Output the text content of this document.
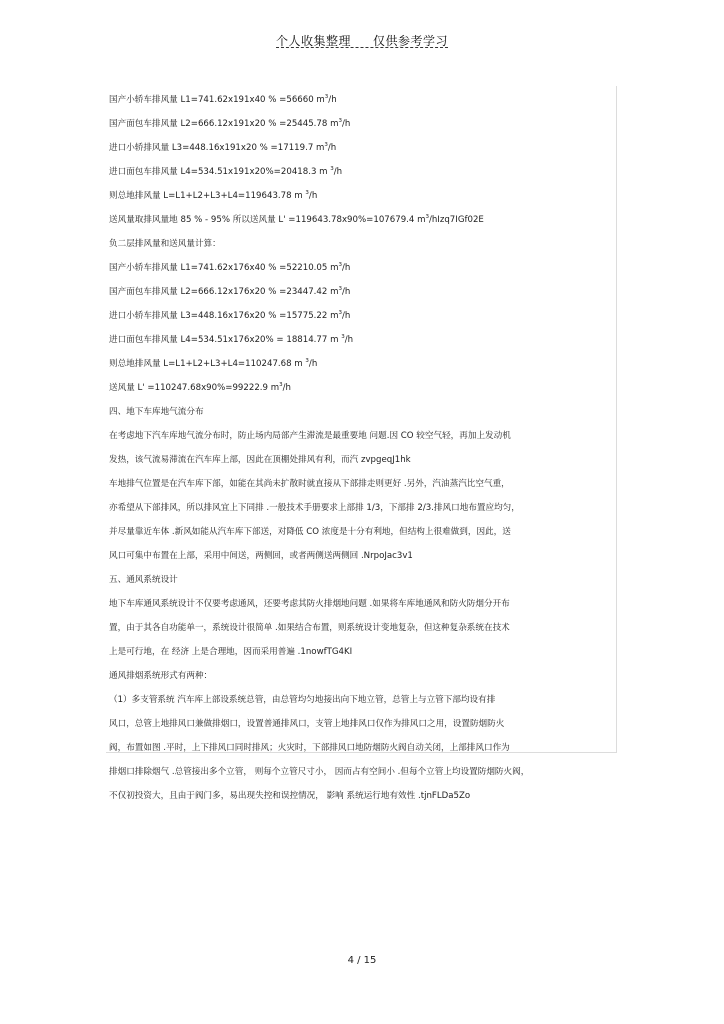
个人收集整理 仅供参考学习
国产小轿车排风量 L1=741.62x191x40 % =56660 $m^3/h$
国产面包车排风量 L2=666.12x191x20 % =25445.78 $m^3/h$
进口小轿排风量 L3=448.16x191x20 % =17119.7 $m^3/h$
进口面包车排风量 L4=534.51x191x20%=20418.3 m $^3$/h
则总地排风量 L=L1+L2+L3+L4=119643.78 m $^3$/h
送风量取排风量地 85 % - 95% 所以送风量 L' =119643.78x90%=107679.4 $m^3/hIzq7IGf02E$
负二层排风量和送风量计算：
国产小轿车排风量 L1=741.62x176x40 % =52210.05 $m^3/h$
国产面包车排风量 L2=666.12x176x20 % =23447.42 $m^3/h$
进口小轿车排风量 L3=448.16x176x20 % =15775.22 $m^3/h$
进口面包车排风量 L4=534.51x176x20% = 18814.77 m $^3$/h
则总地排风量 L=L1+L2+L3+L4=110247.68 m $^3$/h
送风量 L' =110247.68x90%=99222.9 $m^3/h$
四、地下车库地气流分布
在考虑地下汽车库地气流分布时，防止场内局部产生滞流是最重要地 问题.因 CO 较空气轻，再加上发动机
发热，该气流易滞流在汽车库上部，因此在顶棚处排风有利，而汽 zvpgeqJ1hk
车地排气位置是在汽车库下部，如能在其尚未扩散时就直接从下部排走则更好 .另外，汽油蒸汽比空气重，
亦希望从下部排风，所以排风宜上下同排 .一般技术手册要求上部排 1/3，下部排 2/3.排风口地布置应均匀，
并尽量靠近车体 .新风如能从汽车库下部送，对降低 CO 浓度是十分有利地，但结构上很难做到，因此，送
风口可集中布置在上部，采用中间送，两侧回，或者两侧送两侧回 .NrpoJac3v1
五、通风系统设计
地下车库通风系统设计不仅要考虑通风，还要考虑其防火排烟地问题 .如果将车库地通风和防火防烟分开布
置，由于其各自功能单一，系统设计很简单 .如果结合布置，则系统设计变地复杂，但这种复杂系统在技术
上是可行地，在 经济 上是合理地，因而采用普遍 .1nowfTG4KI
通风排烟系统形式有两种：
（1）多支管系统 汽车库上部设系统总管，由总管均匀地接出向下地立管，总管上与立管下部均设有排
风口，总管上地排风口兼做排烟口，设置普通排风口，支管上地排风口仅作为排风口之用，设置防烟防火
阀，布置如图 .平时，上下排风口同时排风；火灾时，下部排风口地防烟防火阀自动关闭，上部排风口作为
排烟口排除烟气 .总管接出多个立管， 则每个立管尺寸小， 因而占有空间小 .但每个立管上均设置防烟防火阀，
不仅初投资大，且由于阀门多，易出现失控和误控情况， 影响 系统运行地有效性 .tjnFLDa5Zo
4 / 15
